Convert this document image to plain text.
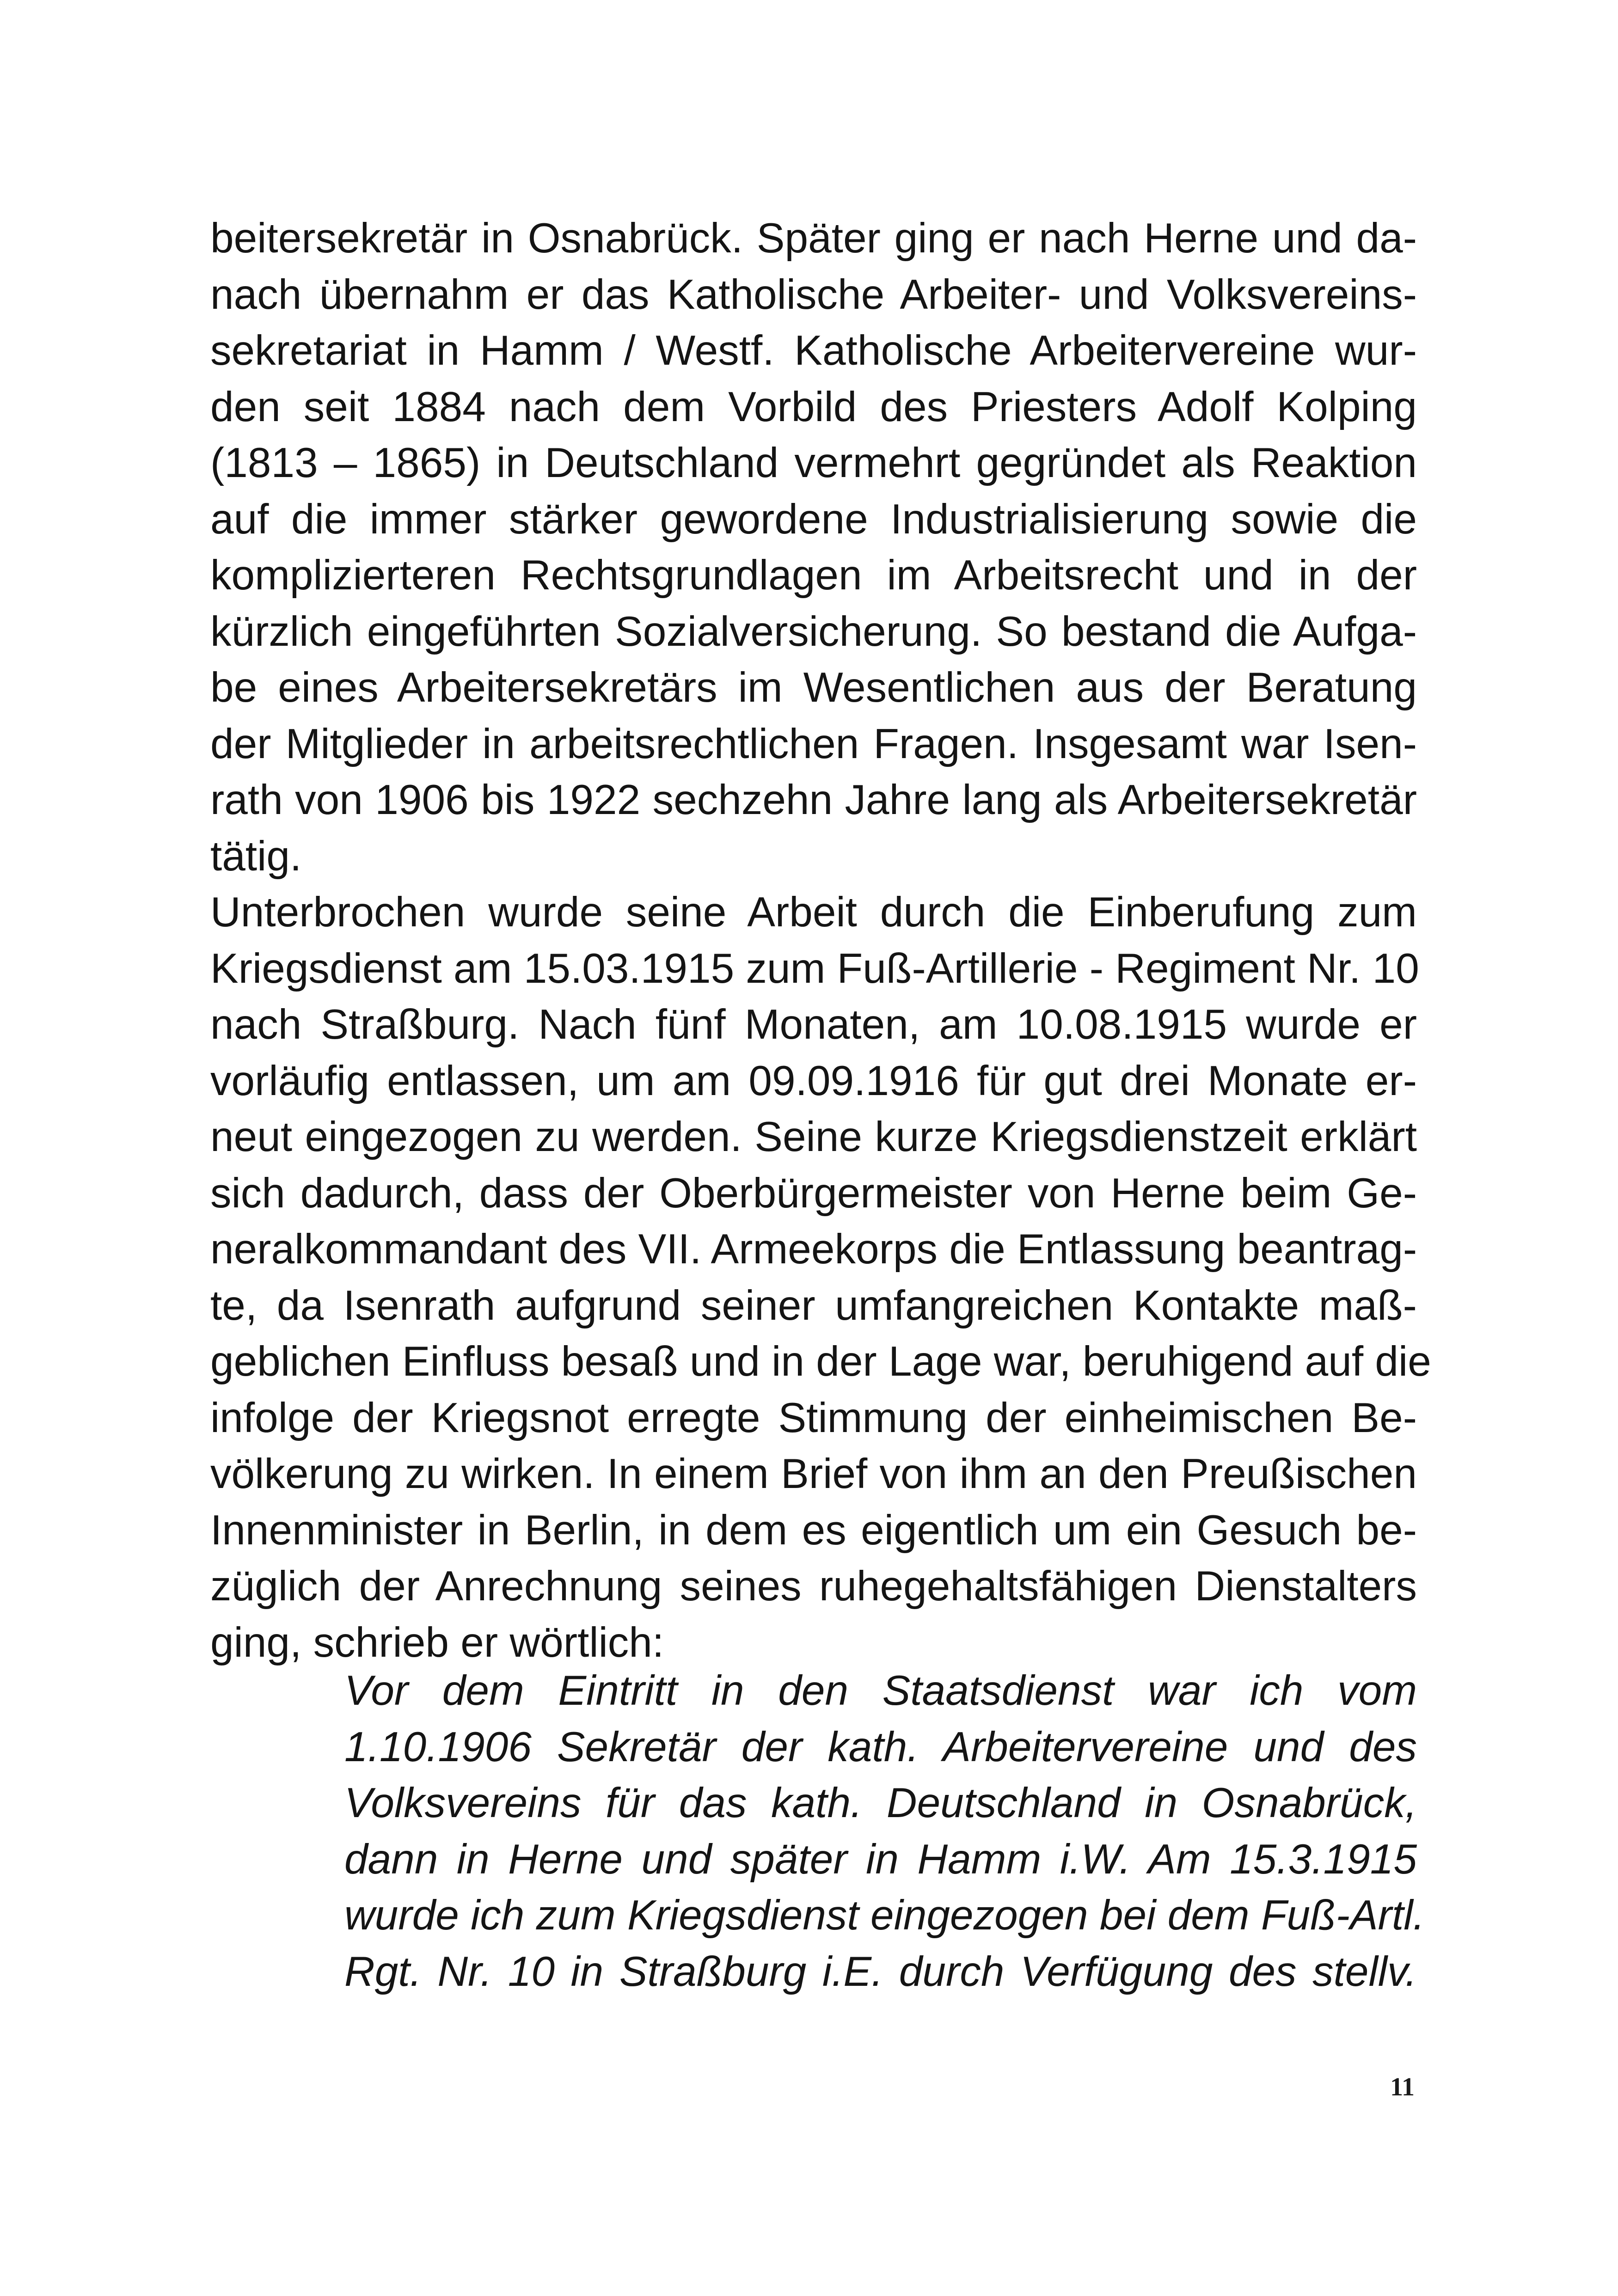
beitersekretär in Osnabrück. Später ging er nach Herne und da-
nach übernahm er das Katholische Arbeiter- und Volksvereins-
sekretariat in Hamm / Westf. Katholische Arbeitervereine wur-
den seit 1884 nach dem Vorbild des Priesters Adolf Kolping
(1813 – 1865) in Deutschland vermehrt gegründet als Reaktion
auf die immer stärker gewordene Industrialisierung sowie die
komplizierteren Rechtsgrundlagen im Arbeitsrecht und in der
kürzlich eingeführten Sozialversicherung. So bestand die Aufga-
be eines Arbeitersekretärs im Wesentlichen aus der Beratung
der Mitglieder in arbeitsrechtlichen Fragen. Insgesamt war Isen-
rath von 1906 bis 1922 sechzehn Jahre lang als Arbeitersekretär
tätig.
Unterbrochen wurde seine Arbeit durch die Einberufung zum
Kriegsdienst am 15.03.1915 zum Fuß-Artillerie - Regiment Nr. 10
nach Straßburg. Nach fünf Monaten, am 10.08.1915 wurde er
vorläufig entlassen, um am 09.09.1916 für gut drei Monate er-
neut eingezogen zu werden. Seine kurze Kriegsdienstzeit erklärt
sich dadurch, dass der Oberbürgermeister von Herne beim Ge-
neralkommandant des VII. Armeekorps die Entlassung beantrag-
te, da Isenrath aufgrund seiner umfangreichen Kontakte maß-
geblichen Einfluss besaß und in der Lage war, beruhigend auf die
infolge der Kriegsnot erregte Stimmung der einheimischen Be-
völkerung zu wirken. In einem Brief von ihm an den Preußischen
Innenminister in Berlin, in dem es eigentlich um ein Gesuch be-
züglich der Anrechnung seines ruhegehaltsfähigen Dienstalters
ging, schrieb er wörtlich:
Vor dem Eintritt in den Staatsdienst war ich vom
1.10.1906 Sekretär der kath. Arbeitervereine und des
Volksvereins für das kath. Deutschland in Osnabrück,
dann in Herne und später in Hamm i.W. Am 15.3.1915
wurde ich zum Kriegsdienst eingezogen bei dem Fuß-Artl.
Rgt. Nr. 10 in Straßburg i.E. durch Verfügung des stellv.
11
